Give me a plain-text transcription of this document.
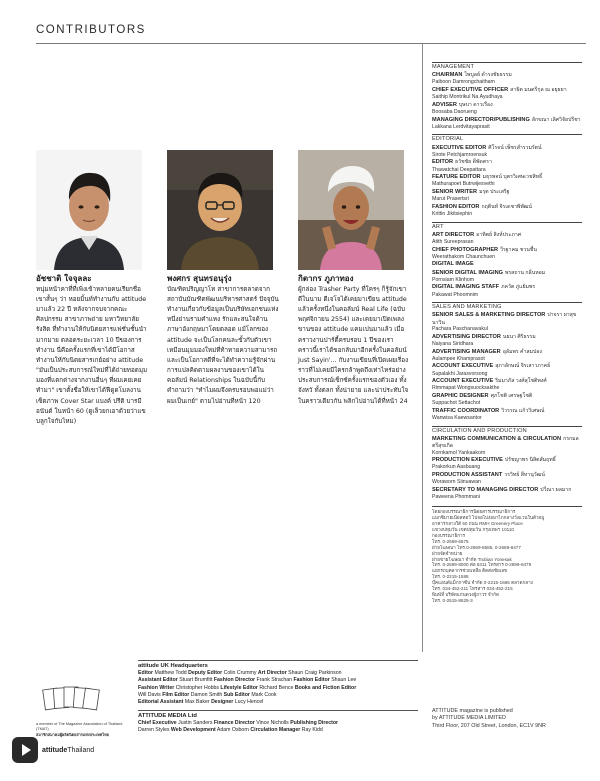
CONTRIBUTORS
อัชชาติ ใจจุลละ
หนุ่มหน้าคาที่ที่เพิ่งเข้าหลายคนเรียกชื่อเขาสั้นๆ ว่า หอยมิ้นท์ทำงานกับ attitude มาแล้ว 22 ปี หลังจากจบจากคณะศิลปกรรม สาขาภาพถ่าย มหาวิทยาลัยรังสิต ที่ทำงานให้กับนิตยสารแฟชั่นชั้นนำมากมาย ตลอดระยะเวลา 10 ปีของการทำงาน นี่คือครั้งแรกที่เขาได้มีโอกาสทำงานให้กับนิตยสารเกย์อย่าง attitude "มันเป็นประสบการณ์ใหม่ที่ได้ถ่ายทอดมุมมองที่แตกต่างจากงานอื่นๆ ที่ผมเคยเคยทำมา" เขาตั้งชื่อให้เขาได้ฟีดูดโมลงานเซ็ตภาพ Cover Star แบงค์ ปรีติ บารมีอนันต์ ในหน้า 60 (ดูเล็วยกเอาด้วยว่าแขบลูกใจกับไหม)
พงศกร สุนทรอนุรุ่ง
บัณฑิตปริญญาโท สาขาการตลาดจากสถาบันบัณฑิตพัฒนบริหารศาสตร์ ปัจจุบันทำงานเกี่ยวกับข้อมูลเป็นบริษัทเอกชนแห่งหนึ่งย่านรามคำแหง รักและสนใจด้านภาษาอังกฤษมาโดยตลอด แม้โลกของ attitude จะเป็นโลกคนละขั้วกับตัวเขา เหมือนมุมมองใหม่ที่ท้าทายความสามารถ และเป็นโอกาสดีที่จะได้ทำความรู้จักผ่านการแปลคิดตามผลงานของเขาได้ในคอลัมน์ Relationships ในฉบับนี้กับคำถามว่า "ทำไมผมจึงครบรอบพอแม่ว่าผมเป็นเกย์" ตามไปอ่านที่หน้า 120
กิตากร ภูภาทอง
ผู้กล่อง Trasher Party ที่ใครๆ ก็รู้จักเขาดีในนาม ดีเจโจได้เคยมาเขียน attitude แล้วครั้งหนึ่งในคอลัมน์ Real Life (ฉบับพฤศจิกายน 2554) และเคยมาเปิดเพลงขานของ attitude แคมเปนมาแล้ว เมื่อคราวงานปาร์ตี้ครบรอบ 1 ปีของเรา คราวนี้เราได้ขอกลับมาอีกครั้งในคอลัมน์ Just Sayin'... กับงานเขียนที่เปิดเผยเรื่องราวที่ไม่เคยมีใครกล้าพูดถึงเท่าไหร่อย่างประสบการณ์เซ็กซ์ครั้งแรกของตัวเอง ทั้งจังหวั ทั้งตลก ทั้งน่ายาย และน่าประทับใจ ในคราวเดียวกัน พลิกไปอ่านได้ที่หน้า 24
MANAGEMENT
CHAIRMAN ไพบูลย์ ดำรงชัยธรรม
Paiboon Damrongchaitham
CHIEF EXECUTIVE OFFICER สาธิต มนตรีกุล ณ อยุธยา
Saithip Montrikul Na Ayudhaya
ADVISER บุษบา ดาวเรือง
Boosaba Daorueng
MANAGING DIRECTOR/PUBLISHING ลักขณา เลิศวิจัยปรีชา
Lakkana Lerdvitayaprasit
EDITORIAL
EXECUTIVE EDITOR ศิโรจน์ เพ็ชรสำรวมรัตน์
Sirote Petchjamroensuk
EDITOR ธวัชชัย ดีพัดตรา
Thawatchai Deepattara
FEATURE EDITOR มธุรพจน์ บุตรวิเศษเวชสิทธิ์
Mathurapoet Butrwijesvethi
SENIOR WRITER มรุต ประเสริฐ
Marut Prasertsri
FASHION EDITOR กฤตินท์ จิรเดชาพิพัฒน์
Krittin Jikitsiephin
ART
ART DIRECTOR อาทิตย์ สิงห์ประภาศ
Atith Sureeprasan
CHIEF PHOTOGRAPHER วีรฐาคม ชวนชื่น
Weerathakom Chaunchuen
DIGITAL IMAGE
SENIOR DIGITAL IMAGING พรสถาน กลิ่นหอม
Pornsiam Klinhom
DIGITAL IMAGING STAFF ภควัต ภู่แย้มพร
Pakawat Phoomnim
SALES AND MARKETING
SENIOR SALES & MARKETING DIRECTOR ปาจรา ผาสุขนาวิน
Pachara Paschanavakul
ADVERTISING DIRECTOR นยนา ศิริธรรม
Naiyana Siridhara
ADVERTISING MANAGER อุลัมพร คำสมปอง
Aulampee Khamprasot
ACCOUNT EXECUTIVE สุภาลักษณ์ จิรเสาวภาคย์
Supalakhi Jarasvorsong
ACCOUNT EXECUTIVE ริมมาภัส วงศ์สุโชติพงศ์
Rimmapat Wongsuocksakthe
GRAPHIC DESIGNER ศุภโชติ เศรษฐโชติ
Suppachot Settachot
TRAFFIC COORDINATOR วิวรรณ แก้ววิเศษณ์
Wanwisa Kaewsantor
CIRCULATION AND PRODUCTION
MARKETING COMMUNICATION & CIRCULATION กรกมล ตรีสุขเกิด
Kornkamol Yankaakorn
PRODUCTION EXECUTIVE ปรัชญาพร นิสิตสัมฤทธิ์
Prakorkun Aasbuang
PRODUCTION ASSISTANT วรวิทย์ สีหานุวัฒน์
Woraworn Siinuawan
SECRETARY TO MANAGING DIRECTOR ปวีณา ผลมาก
Paweena Phommani
โดยกองบรรณาธิการนิตยสารบรรณาธิการ
แมกซิมายเนียลทอว์ ไปจอไปง่อมาไกกลางวังแวนในตัวจมู
อาคารกลางใต้ 50 ถนน RMH Greenery Place
แขวงปทุมวัน เขตปทุมวัน กรุงเทพฯ 10110
กองบรรณาธิการ
โทร. 0-2669-6575
ฝ่ายโฆษณา โทร.0-2669-8585, 0-2669-8477
ฝ่ายจัดจำหน่าย
ฝ่ายขายโฆษณา จำกัด Trubian Yonesak
โทร. 0-2699-8000 ต่อ 6311 โทรสาร 0-2699-8479
แยกรถบุคลากรช่วยเหลือ ติดต่อชัยเลข
โทร. 0-2215-1588
บุ๊คแอนด์แม็กกาซีน จำกัด 0-2215-1666 ตลาดกลาง
โทร. 034-452-211 โทรสาร 034-452-215
พิมพ์ที่ บริษัทแก่นดวงผู้ถาวร จำกัด
โทร. 0-2515-8625-3
ATTITUDE magazine is published
by ATTITUDE MEDIA LIMITED
Third Floor, 207 Old Street, London, EC1V 9NR
attitude UK Headquarters
Editor Matthew Todd Deputy Editor Colin Crummy Art Director Shaun Craig Parkinson
Assistant Editor Stuart Brumfitt Fashion Director Frank Strachan Fashion Editor Shaun Lee
Fashion Writer Christopher Hobbs Lifestyle Editor Richard Bence Books and Fiction Editor
Will Davis Film Editor Damon Smith Sub Editor Mark Cook
Editorial Assistant Max Baker Designer Lucy Hencel
ATTITUDE MEDIA Ltd
Chief Executive Justin Sanders Finance Director Vince Nicholls Publishing Director
Darren Styles Web Development Adam Osborn Circulation Manager Ray Kidd
a member of The Magazine Association of Thailand (TMAT)
สมาชิกสมาคมผู้ผลิตนิตยสารแห่งประเทศไทย
attitudeThailand
